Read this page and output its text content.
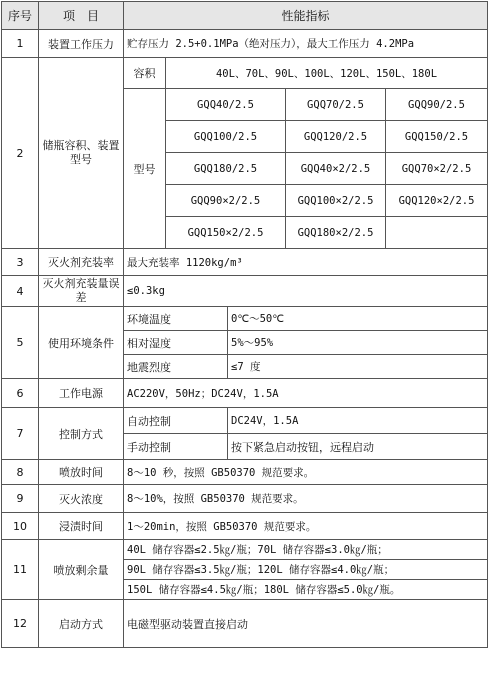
序号	项　目	性能指标				
1	装置工作压力	贮存压力 2.5+0.1MPa（绝对压力），最大工作压力 4.2MPa				
2	储瓶容积、装置型号	容积	40L、70L、90L、100L、120L、150L、180L			
		型号	GQQ40/2.5		GQQ70/2.5	GQQ90/2.5
			GQQ100/2.5		GQQ120/2.5	GQQ150/2.5
			GQQ180/2.5		GQQ40×2/2.5	GQQ70×2/2.5
			GQQ90×2/2.5		GQQ100×2/2.5	GQQ120×2/2.5
			GQQ150×2/2.5		GQQ180×2/2.5	
3	灭火剂充装率	最大充装率 1120kg/m³				
4	灭火剂充装量误差	≤0.3kg				
5	使用环境条件	环境温度		0℃～50℃		
		相对湿度		5%～95%		
		地震烈度		≤7 度		
6	工作电源	AC220V，50Hz；DC24V，1.5A				
7	控制方式	自动控制		DC24V，1.5A		
		手动控制		按下紧急启动按钮，远程启动		
8	喷放时间	8～10 秒，按照 GB50370 规范要求。				
9	灭火浓度	8～10%，按照 GB50370 规范要求。				
10	浸渍时间	1～20min，按照 GB50370 规范要求。				
11	喷放剩余量	40L 储存容器≤2.5㎏/瓶；70L 储存容器≤3.0㎏/瓶；				
		90L 储存容器≤3.5㎏/瓶；120L 储存容器≤4.0㎏/瓶；				
		150L 储存容器≤4.5㎏/瓶；180L 储存容器≤5.0㎏/瓶。				
12	启动方式	电磁型驱动装置直接启动				
